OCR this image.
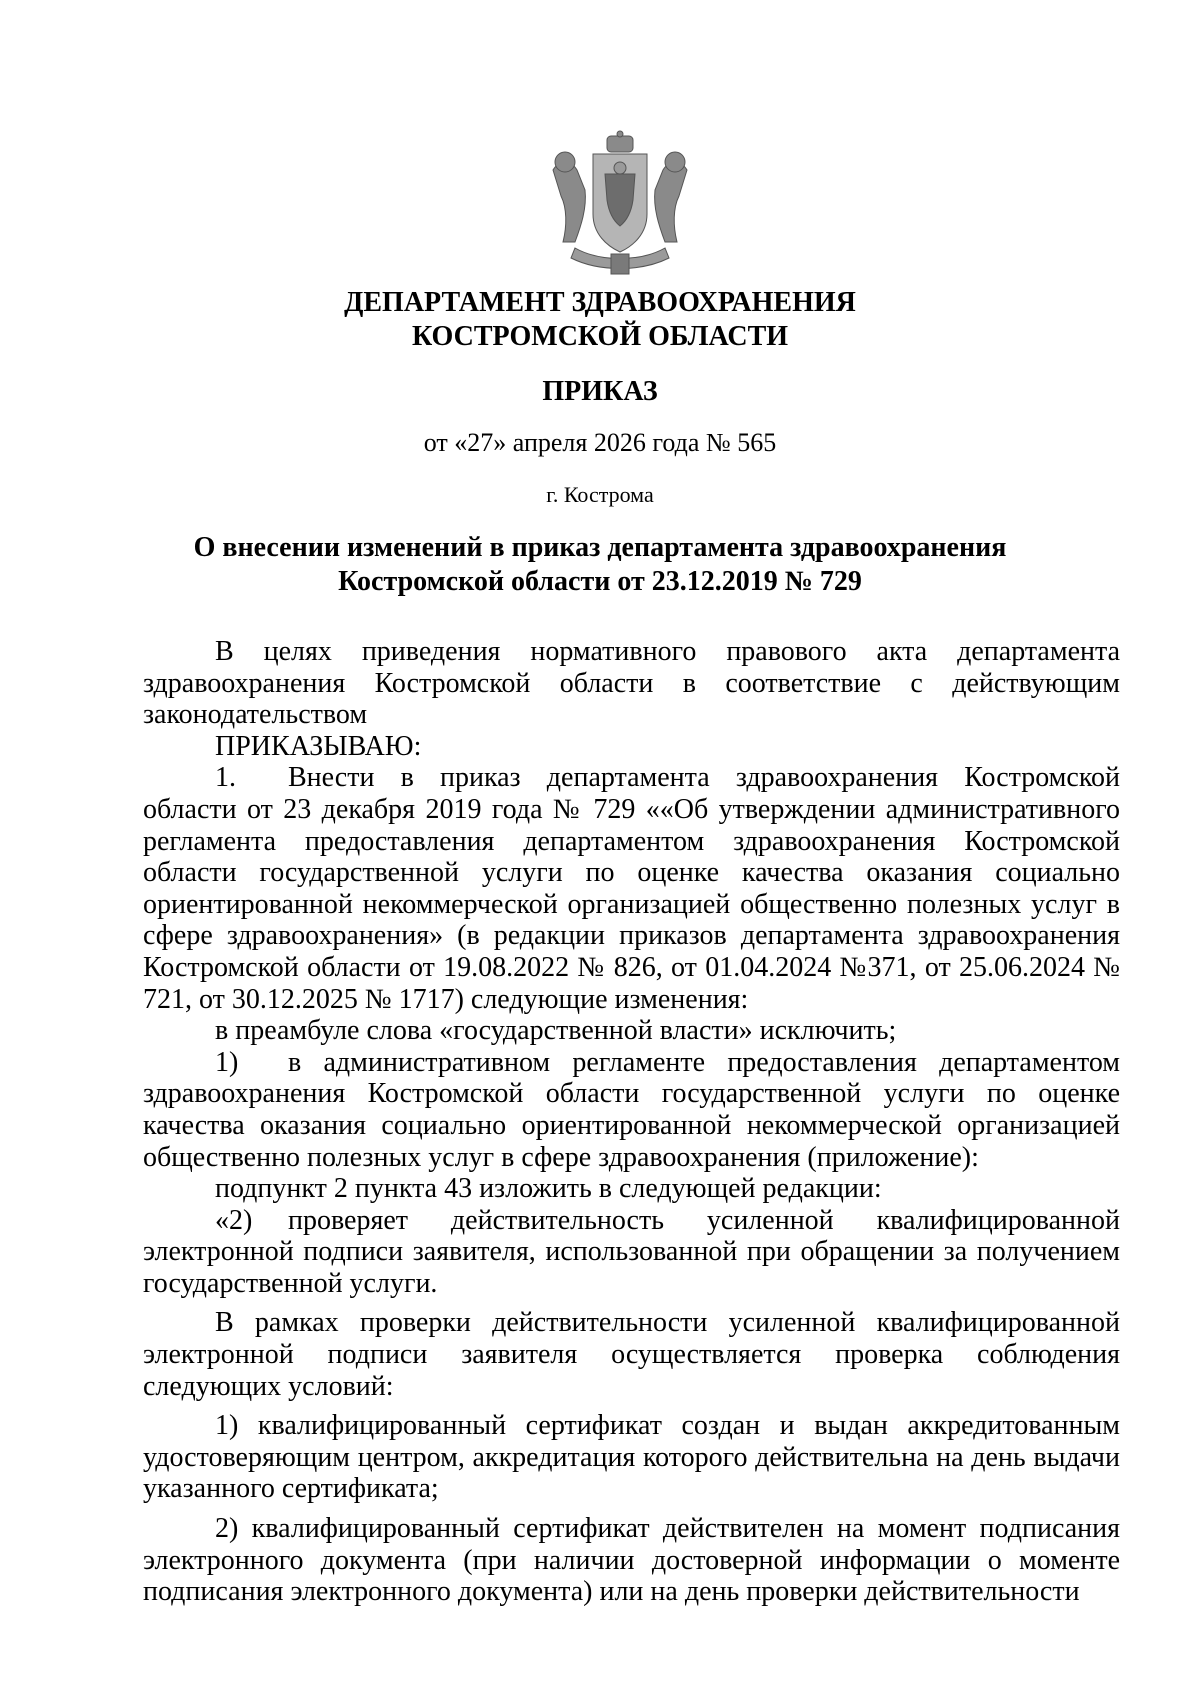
ДЕПАРТАМЕНТ ЗДРАВООХРАНЕНИЯ

КОСТРОМСКОЙ ОБЛАСТИ

ПРИКАЗ

от «27» апреля 2026 года № 565

г. Кострома

О внесении изменений в приказ департамента здравоохранения

Костромской области от 23.12.2019 № 729

В целях приведения нормативного правового акта департамента здравоохранения Костромской области в соответствие с действующим законодательством

ПРИКАЗЫВАЮ:

1. Внести в приказ департамента здравоохранения Костромской области от 23 декабря 2019 года № 729 ««Об утверждении административного регламента предоставления департаментом здравоохранения Костромской области государственной услуги по оценке качества оказания социально ориентированной некоммерческой организацией общественно полезных услуг в сфере здравоохранения» (в редакции приказов департамента здравоохранения Костромской области от 19.08.2022 № 826, от 01.04.2024 №371, от 25.06.2024 № 721, от 30.12.2025 № 1717) следующие изменения:

в преамбуле слова «государственной власти» исключить;

1) в административном регламенте предоставления департаментом здравоохранения Костромской области государственной услуги по оценке качества оказания социально ориентированной некоммерческой организацией общественно полезных услуг в сфере здравоохранения (приложение):

подпункт 2 пункта 43 изложить в следующей редакции:

«2) проверяет действительность усиленной квалифицированной электронной подписи заявителя, использованной при обращении за получением государственной услуги.

В рамках проверки действительности усиленной квалифицированной электронной подписи заявителя осуществляется проверка соблюдения следующих условий:

1) квалифицированный сертификат создан и выдан аккредитованным удостоверяющим центром, аккредитация которого действительна на день выдачи указанного сертификата;

2) квалифицированный сертификат действителен на момент подписания электронного документа (при наличии достоверной информации о моменте подписания электронного документа) или на день проверки действительности
